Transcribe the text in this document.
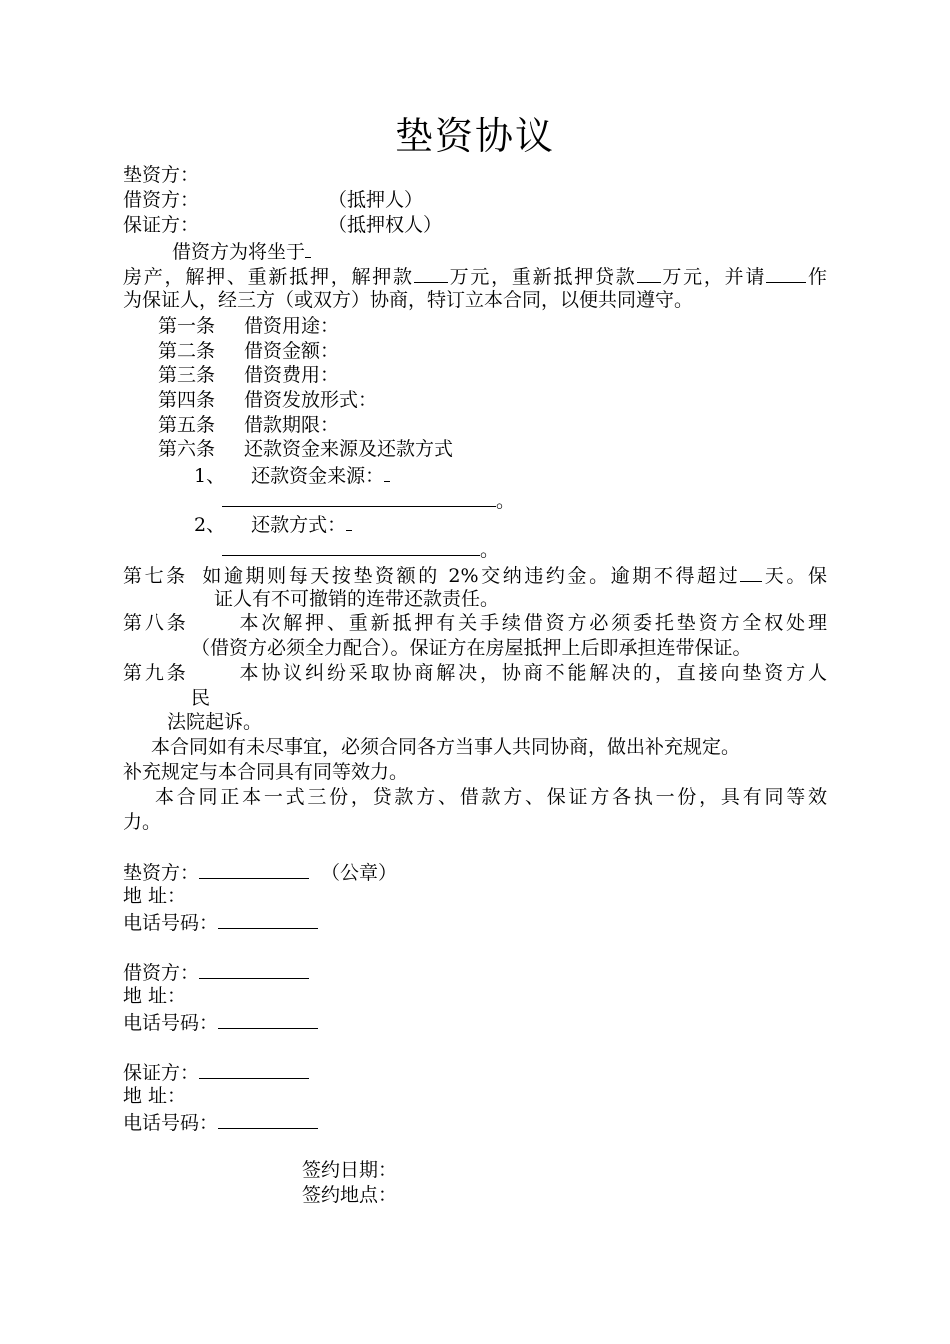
垫资协议
垫资方：
借资方：	（抵押人）
保证方：	（抵押权人）
借资方为将坐于
房产，解押、重新抵押，解押款 万元，重新抵押贷款 万元，并请 作
为保证人，经三方（或双方）协商，特订立本合同，以便共同遵守。
第一条 借资用途：
第二条 借资金额：
第三条 借资费用：
第四条 借资发放形式：
第五条 借款期限：
第六条 还款资金来源及还款方式
1、 还款资金来源：
。
2、 还款方式：
。
第七条 如逾期则每天按垫资额的 2%交纳违约金。逾期不得超过 天。保
证人有不可撤销的连带还款责任。
第八条	本次解押、重新抵押有关手续借资方必须委托垫资方全权处理
（借资方必须全力配合）。保证方在房屋抵押上后即承担连带保证。
第九条	本协议纠纷采取协商解决，协商不能解决的，直接向垫资方人
民
法院起诉。
本合同如有未尽事宜，必须合同各方当事人共同协商，做出补充规定。
补充规定与本合同具有同等效力。
本合同正本一式三份，贷款方、借款方、保证方各执一份，具有同等效
力。
垫资方：	（公章）
地 址：
电话号码：
借资方：
地 址：
电话号码：
保证方：
地 址：
电话号码：
签约日期：
签约地点：
